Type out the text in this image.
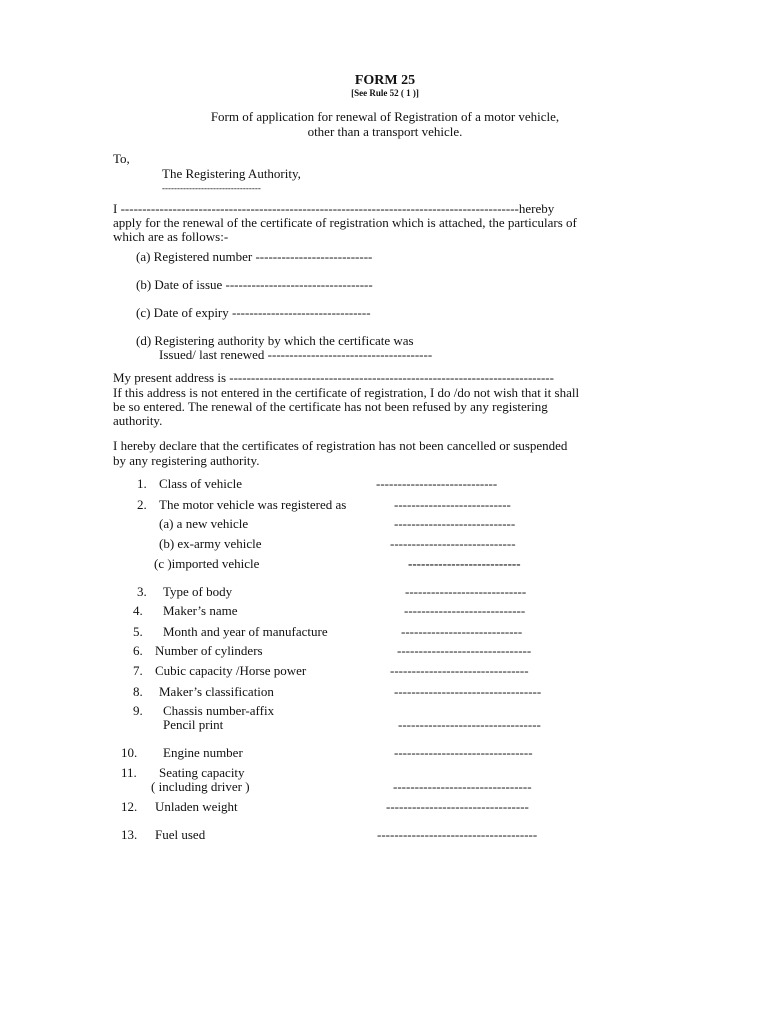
FORM 25
[See Rule 52 ( 1 )]
Form of application for renewal of Registration of a motor vehicle,
other than a transport vehicle.
To,
The Registering Authority,
---------------------------------
I --------------------------------------------------------------------------------------------hereby
apply for the renewal of the certificate of registration which is attached, the particulars of
which are as follows:-
(a) Registered number ---------------------------
(b) Date of issue ----------------------------------
(c) Date of expiry --------------------------------
(d) Registering authority by which the certificate was
Issued/ last renewed --------------------------------------
My present address is ---------------------------------------------------------------------------
If this address is not entered in the certificate of registration, I do /do not wish that it shall
be so entered. The renewal of the certificate has not been refused by any registering
authority.
I hereby declare that the certificates of registration has not been cancelled or suspended
by any registering authority.
1. Class of vehicle	----------------------------
2. The motor vehicle was registered as	---------------------------
(a) a new vehicle	----------------------------
(b) ex-army vehicle	-----------------------------
(c )imported vehicle	--------------------------
3. Type of body	----------------------------
4. Maker’s name	----------------------------
5. Month and year of manufacture	----------------------------
6. Number of cylinders	-------------------------------
7. Cubic capacity /Horse power	--------------------------------
8. Maker’s classification	----------------------------------
9. Chassis number-affix
Pencil print	---------------------------------
10. Engine number	--------------------------------
11. Seating capacity
( including driver )	--------------------------------
12. Unladen weight	---------------------------------
13. Fuel used	-------------------------------------
